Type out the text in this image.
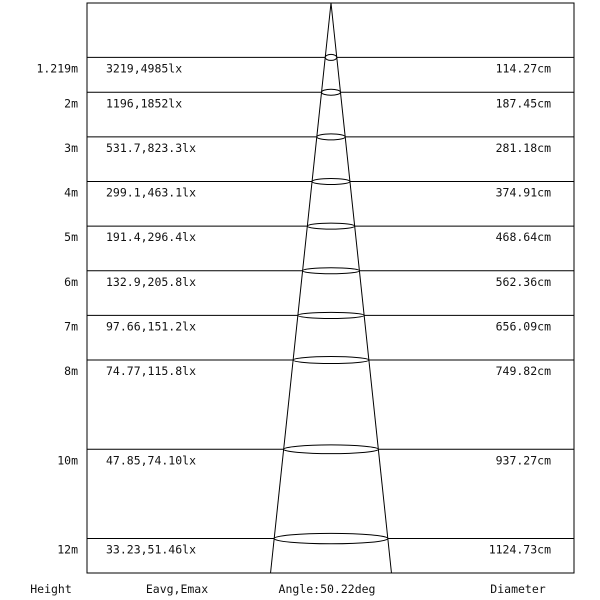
1.219m 3219,4985lx	114.27cm
2m 1196,1852lx	187.45cm
3m 531.7,823.3lx	281.18cm
4m 299.1,463.1lx	374.91cm
5m 191.4,296.4lx	468.64cm
6m 132.9,205.8lx	562.36cm
7m 97.66,151.2lx	656.09cm
8m 74.77,115.8lx	749.82cm
10m 47.85,74.10lx	937.27cm
12m 33.23,51.46lx	1124.73cm
Height	Eavg,Emax	Angle:50.22deg	Diameter
